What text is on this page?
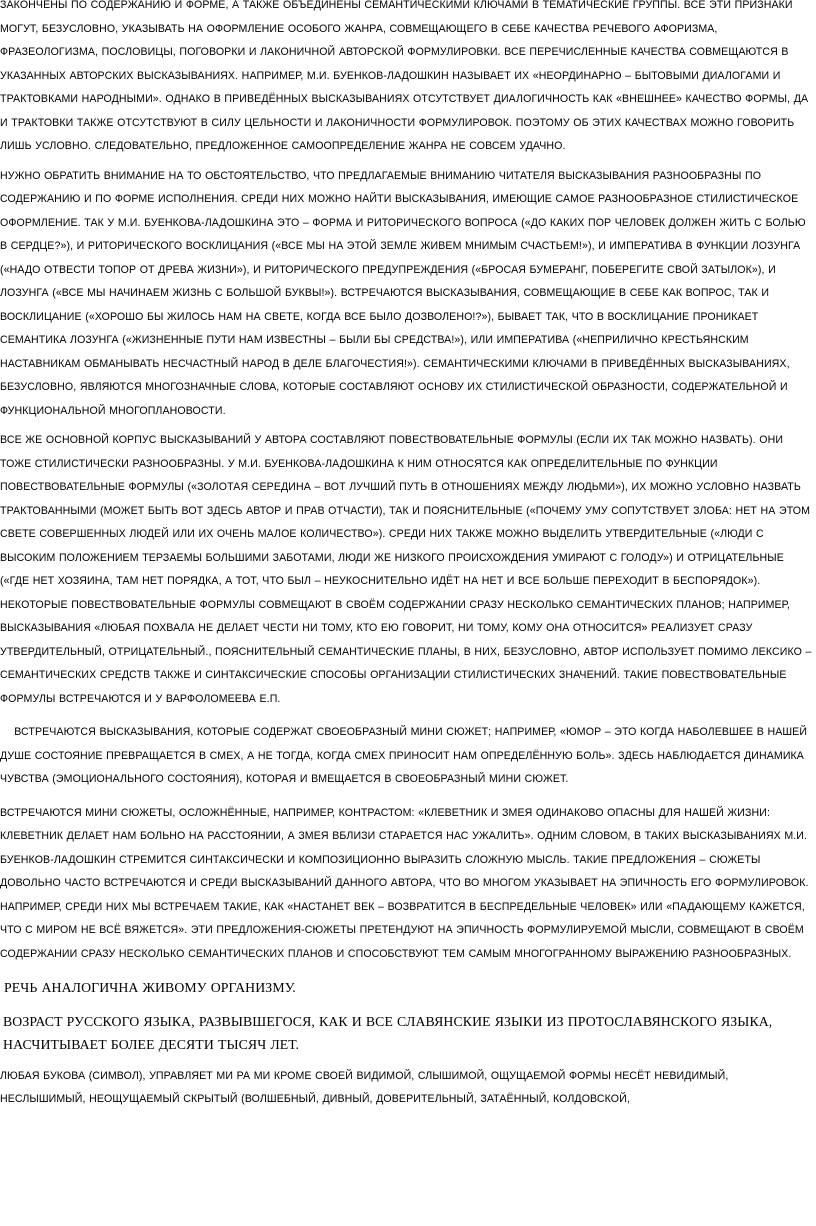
ЗАКОНЧЕНЫ ПО СОДЕРЖАНИЮ И ФОРМЕ, А ТАКЖЕ ОБЪЕДИНЕНЫ СЕМАНТИЧЕСКИМИ КЛЮЧАМИ В ТЕМАТИЧЕСКИЕ ГРУППЫ. ВСЕ ЭТИ ПРИЗНАКИ МОГУТ, БЕЗУСЛОВНО, УКАЗЫВАТЬ НА ОФОРМЛЕНИЕ ОСОБОГО ЖАНРА, СОВМЕЩАЮЩЕГО В СЕБЕ КАЧЕСТВА РЕЧЕВОГО АФОРИЗМА, ФРАЗЕОЛОГИЗМА, ПОСЛОВИЦЫ, ПОГОВОРКИ И ЛАКОНИЧНОЙ АВТОРСКОЙ ФОРМУЛИРОВКИ. ВСЕ ПЕРЕЧИСЛЕННЫЕ КАЧЕСТВА СОВМЕЩАЮТСЯ В УКАЗАННЫХ АВТОРСКИХ ВЫСКАЗЫВАНИЯХ. НАПРИМЕР, М.И. БУЕНКОВ-ЛАДОШКИН НАЗЫВАЕТ ИХ «НЕОРДИНАРНО – БЫТОВЫМИ ДИАЛОГАМИ И ТРАКТОВКАМИ НАРОДНЫМИ». ОДНАКО В ПРИВЕДЁННЫХ ВЫСКАЗЫВАНИЯХ ОТСУТСТВУЕТ ДИАЛОГИЧНОСТЬ КАК «ВНЕШНЕЕ» КАЧЕСТВО ФОРМЫ, ДА И ТРАКТОВКИ ТАКЖЕ ОТСУТСТВУЮТ В СИЛУ ЦЕЛЬНОСТИ И ЛАКОНИЧНОСТИ ФОРМУЛИРОВОК. ПОЭТОМУ ОБ ЭТИХ КАЧЕСТВАХ МОЖНО ГОВОРИТЬ ЛИШЬ УСЛОВНО. СЛЕДОВАТЕЛЬНО, ПРЕДЛОЖЕННОЕ САМООПРЕДЕЛЕНИЕ ЖАНРА НЕ СОВСЕМ УДАЧНО.

НУЖНО ОБРАТИТЬ ВНИМАНИЕ НА ТО ОБСТОЯТЕЛЬСТВО, ЧТО ПРЕДЛАГАЕМЫЕ ВНИМАНИЮ ЧИТАТЕЛЯ ВЫСКАЗЫВАНИЯ РАЗНООБРАЗНЫ ПО СОДЕРЖАНИЮ И ПО ФОРМЕ ИСПОЛНЕНИЯ. СРЕДИ НИХ МОЖНО НАЙТИ ВЫСКАЗЫВАНИЯ, ИМЕЮЩИЕ САМОЕ РАЗНООБРАЗНОЕ СТИЛИСТИЧЕСКОЕ ОФОРМЛЕНИЕ. ТАК У М.И. БУЕНКОВА-ЛАДОШКИНА ЭТО – ФОРМА И РИТОРИЧЕСКОГО ВОПРОСА («ДО КАКИХ ПОР ЧЕЛОВЕК ДОЛЖЕН ЖИТЬ С БОЛЬЮ В СЕРДЦЕ?»), И РИТОРИЧЕСКОГО ВОСКЛИЦАНИЯ («ВСЕ МЫ НА ЭТОЙ ЗЕМЛЕ ЖИВЕМ МНИМЫМ СЧАСТЬЕМ!»), И ИМПЕРАТИВА В ФУНКЦИИ ЛОЗУНГА («НАДО ОТВЕСТИ ТОПОР ОТ ДРЕВА ЖИЗНИ»), И РИТОРИЧЕСКОГО ПРЕДУПРЕЖДЕНИЯ («БРОСАЯ БУМЕРАНГ, ПОБЕРЕГИТЕ СВОЙ ЗАТЫЛОК»), И ЛОЗУНГА («ВСЕ МЫ НАЧИНАЕМ ЖИЗНЬ С БОЛЬШОЙ БУКВЫ!»). ВСТРЕЧАЮТСЯ ВЫСКАЗЫВАНИЯ, СОВМЕЩАЮЩИЕ В СЕБЕ КАК ВОПРОС, ТАК И ВОСКЛИЦАНИЕ («ХОРОШО БЫ ЖИЛОСЬ НАМ НА СВЕТЕ, КОГДА ВСЕ БЫЛО ДОЗВОЛЕНО!?»), БЫВАЕТ ТАК, ЧТО В ВОСКЛИЦАНИЕ ПРОНИКАЕТ СЕМАНТИКА ЛОЗУНГА («ЖИЗНЕННЫЕ ПУТИ НАМ ИЗВЕСТНЫ – БЫЛИ БЫ СРЕДСТВА!»), ИЛИ ИМПЕРАТИВА («НЕПРИЛИЧНО КРЕСТЬЯНСКИМ НАСТАВНИКАМ ОБМАНЫВАТЬ НЕСЧАСТНЫЙ НАРОД В ДЕЛЕ БЛАГОЧЕСТИЯ!»). СЕМАНТИЧЕСКИМИ КЛЮЧАМИ В ПРИВЕДЁННЫХ ВЫСКАЗЫВАНИЯХ, БЕЗУСЛОВНО, ЯВЛЯЮТСЯ МНОГОЗНАЧНЫЕ СЛОВА, КОТОРЫЕ СОСТАВЛЯЮТ ОСНОВУ ИХ СТИЛИСТИЧЕСКОЙ ОБРАЗНОСТИ, СОДЕРЖАТЕЛЬНОЙ И ФУНКЦИОНАЛЬНОЙ МНОГОПЛАНОВОСТИ.

ВСЕ ЖЕ ОСНОВНОЙ КОРПУС ВЫСКАЗЫВАНИЙ У АВТОРА СОСТАВЛЯЮТ ПОВЕСТВОВАТЕЛЬНЫЕ ФОРМУЛЫ (ЕСЛИ ИХ ТАК МОЖНО НАЗВАТЬ). ОНИ ТОЖЕ СТИЛИСТИЧЕСКИ РАЗНООБРАЗНЫ. У М.И. БУЕНКОВА-ЛАДОШКИНА К НИМ ОТНОСЯТСЯ КАК ОПРЕДЕЛИТЕЛЬНЫЕ ПО ФУНКЦИИ ПОВЕСТВОВАТЕЛЬНЫЕ ФОРМУЛЫ («ЗОЛОТАЯ СЕРЕДИНА – ВОТ ЛУЧШИЙ ПУТЬ В ОТНОШЕНИЯХ МЕЖДУ ЛЮДЬМИ»), ИХ МОЖНО УСЛОВНО НАЗВАТЬ ТРАКТОВАННЫМИ (МОЖЕТ БЫТЬ ВОТ ЗДЕСЬ АВТОР И ПРАВ ОТЧАСТИ), ТАК И ПОЯСНИТЕЛЬНЫЕ («ПОЧЕМУ УМУ СОПУТСТВУЕТ ЗЛОБА: НЕТ НА ЭТОМ СВЕТЕ СОВЕРШЕННЫХ ЛЮДЕЙ ИЛИ ИХ ОЧЕНЬ МАЛОЕ КОЛИЧЕСТВО»). СРЕДИ НИХ ТАКЖЕ МОЖНО ВЫДЕЛИТЬ УТВЕРДИТЕЛЬНЫЕ («ЛЮДИ С ВЫСОКИМ ПОЛОЖЕНИЕМ ТЕРЗАЕМЫ БОЛЬШИМИ ЗАБОТАМИ, ЛЮДИ ЖЕ НИЗКОГО ПРОИСХОЖДЕНИЯ УМИРАЮТ С ГОЛОДУ») И ОТРИЦАТЕЛЬНЫЕ («ГДЕ НЕТ ХОЗЯИНА, ТАМ НЕТ ПОРЯДКА, А ТОТ, ЧТО БЫЛ – НЕУКОСНИТЕЛЬНО ИДЁТ НА НЕТ И ВСЕ БОЛЬШЕ ПЕРЕХОДИТ В БЕСПОРЯДОК»). НЕКОТОРЫЕ ПОВЕСТВОВАТЕЛЬНЫЕ ФОРМУЛЫ СОВМЕЩАЮТ В СВОЁМ СОДЕРЖАНИИ СРАЗУ НЕСКОЛЬКО СЕМАНТИЧЕСКИХ ПЛАНОВ; НАПРИМЕР, ВЫСКАЗЫВАНИЯ «ЛЮБАЯ ПОХВАЛА НЕ ДЕЛАЕТ ЧЕСТИ НИ ТОМУ, КТО ЕЮ ГОВОРИТ, НИ ТОМУ, КОМУ ОНА ОТНОСИТСЯ» РЕАЛИЗУЕТ СРАЗУ УТВЕРДИТЕЛЬНЫЙ, ОТРИЦАТЕЛЬНЫЙ., ПОЯСНИТЕЛЬНЫЙ СЕМАНТИЧЕСКИЕ ПЛАНЫ, В НИХ, БЕЗУСЛОВНО, АВТОР ИСПОЛЬЗУЕТ ПОМИМО ЛЕКСИКО – СЕМАНТИЧЕСКИХ СРЕДСТВ ТАКЖЕ И СИНТАКСИЧЕСКИЕ СПОСОБЫ ОРГАНИЗАЦИИ СТИЛИСТИЧЕСКИХ ЗНАЧЕНИЙ. ТАКИЕ ПОВЕСТВОВАТЕЛЬНЫЕ ФОРМУЛЫ ВСТРЕЧАЮТСЯ И У ВАРФОЛОМЕЕВА Е.П.

ВСТРЕЧАЮТСЯ ВЫСКАЗЫВАНИЯ, КОТОРЫЕ СОДЕРЖАТ СВОЕОБРАЗНЫЙ МИНИ СЮЖЕТ; НАПРИМЕР, «ЮМОР – ЭТО КОГДА НАБОЛЕВШЕЕ В НАШЕЙ ДУШЕ СОСТОЯНИЕ ПРЕВРАЩАЕТСЯ В СМЕХ, А НЕ ТОГДА, КОГДА СМЕХ ПРИНОСИТ НАМ ОПРЕДЕЛЁННУЮ БОЛЬ». ЗДЕСЬ НАБЛЮДАЕТСЯ ДИНАМИКА ЧУВСТВА (ЭМОЦИОНАЛЬНОГО СОСТОЯНИЯ), КОТОРАЯ И ВМЕЩАЕТСЯ В СВОЕОБРАЗНЫЙ МИНИ СЮЖЕТ.

ВСТРЕЧАЮТСЯ МИНИ СЮЖЕТЫ, ОСЛОЖНЁННЫЕ, НАПРИМЕР, КОНТРАСТОМ: «КЛЕВЕТНИК И ЗМЕЯ ОДИНАКОВО ОПАСНЫ ДЛЯ НАШЕЙ ЖИЗНИ: КЛЕВЕТНИК ДЕЛАЕТ НАМ БОЛЬНО НА РАССТОЯНИИ, А ЗМЕЯ ВБЛИЗИ СТАРАЕТСЯ НАС УЖАЛИТЬ». ОДНИМ СЛОВОМ, В ТАКИХ ВЫСКАЗЫВАНИЯХ М.И. БУЕНКОВ-ЛАДОШКИН СТРЕМИТСЯ СИНТАКСИЧЕСКИ И КОМПОЗИЦИОННО ВЫРАЗИТЬ СЛОЖНУЮ МЫСЛЬ. ТАКИЕ ПРЕДЛОЖЕНИЯ – СЮЖЕТЫ ДОВОЛЬНО ЧАСТО ВСТРЕЧАЮТСЯ И СРЕДИ ВЫСКАЗЫВАНИЙ ДАННОГО АВТОРА, ЧТО ВО МНОГОМ УКАЗЫВАЕТ НА ЭПИЧНОСТЬ ЕГО ФОРМУЛИРОВОК. НАПРИМЕР, СРЕДИ НИХ МЫ ВСТРЕЧАЕМ ТАКИЕ, КАК «НАСТАНЕТ ВЕК – ВОЗВРАТИТСЯ В БЕСПРЕДЕЛЬНЫЕ ЧЕЛОВЕК» ИЛИ «ПАДАЮЩЕМУ КАЖЕТСЯ, ЧТО С МИРОМ НЕ ВСЁ ВЯЖЕТСЯ». ЭТИ ПРЕДЛОЖЕНИЯ-СЮЖЕТЫ ПРЕТЕНДУЮТ НА ЭПИЧНОСТЬ ФОРМУЛИРУЕМОЙ МЫСЛИ, СОВМЕЩАЮТ В СВОЁМ СОДЕРЖАНИИ СРАЗУ НЕСКОЛЬКО СЕМАНТИЧЕСКИХ ПЛАНОВ И СПОСОБСТВУЮТ ТЕМ САМЫМ МНОГОГРАННОМУ ВЫРАЖЕНИЮ РАЗНООБРАЗНЫХ.

РЕЧЬ АНАЛОГИЧНА ЖИВОМУ ОРГАНИЗМУ.

ВОЗРАСТ РУССКОГО ЯЗЫКА, РАЗВЫВШЕГОСЯ, КАК И ВСЕ СЛАВЯНСКИЕ ЯЗЫКИ ИЗ ПРОТОСЛАВЯНСКОГО ЯЗЫКА, НАСЧИТЫВАЕТ БОЛЕЕ ДЕСЯТИ ТЫСЯЧ ЛЕТ.

ЛЮБАЯ БУКОВА (СИМВОЛ), УПРАВЛЯЕТ МИ РА МИ КРОМЕ СВОЕЙ ВИДИМОЙ, СЛЫШИМОЙ, ОЩУЩАЕМОЙ ФОРМЫ НЕСЁТ НЕВИДИМЫЙ, НЕСЛЫШИМЫЙ, НЕОЩУЩАЕМЫЙ СКРЫТЫЙ (ВОЛШЕБНЫЙ, ДИВНЫЙ, ДОВЕРИТЕЛЬНЫЙ, ЗАТАЁННЫЙ, КОЛДОВСКОЙ,
